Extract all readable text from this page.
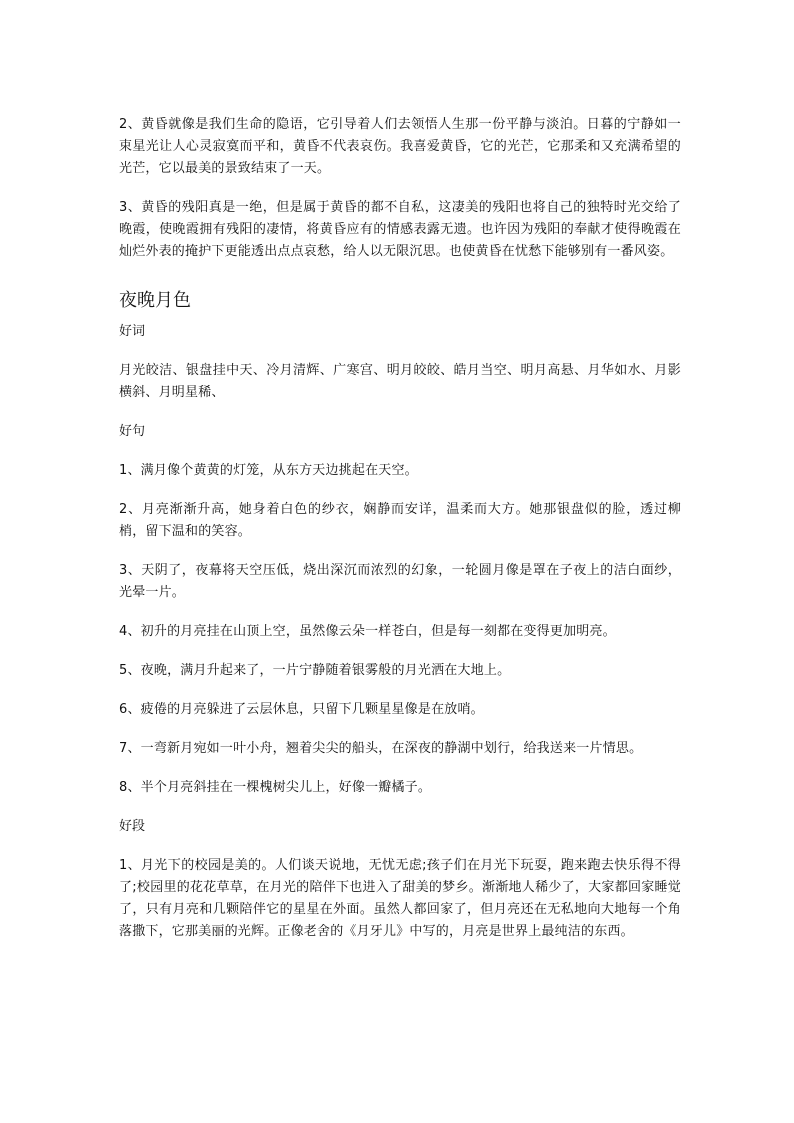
2、黄昏就像是我们生命的隐语，它引导着人们去领悟人生那一份平静与淡泊。日暮的宁静如一束星光让人心灵寂寞而平和，黄昏不代表哀伤。我喜爱黄昏，它的光芒，它那柔和又充满希望的光芒，它以最美的景致结束了一天。

3、黄昏的残阳真是一绝，但是属于黄昏的都不自私，这凄美的残阳也将自己的独特时光交给了晚霞，使晚霞拥有残阳的凄情，将黄昏应有的情感表露无遗。也许因为残阳的奉献才使得晚霞在灿烂外表的掩护下更能透出点点哀愁，给人以无限沉思。也使黄昏在忧愁下能够别有一番风姿。

夜晚月色

好词

月光皎洁、银盘挂中天、冷月清辉、广寒宫、明月皎皎、皓月当空、明月高悬、月华如水、月影横斜、月明星稀、

好句

1、满月像个黄黄的灯笼，从东方天边挑起在天空。

2、月亮渐渐升高，她身着白色的纱衣，娴静而安详，温柔而大方。她那银盘似的脸，透过柳梢，留下温和的笑容。

3、天阴了，夜幕将天空压低，烧出深沉而浓烈的幻象，一轮圆月像是罩在子夜上的洁白面纱，光晕一片。

4、初升的月亮挂在山顶上空，虽然像云朵一样苍白，但是每一刻都在变得更加明亮。

5、夜晚，满月升起来了，一片宁静随着银雾般的月光洒在大地上。

6、疲倦的月亮躲进了云层休息，只留下几颗星星像是在放哨。

7、一弯新月宛如一叶小舟，翘着尖尖的船头，在深夜的静湖中划行，给我送来一片情思。

8、半个月亮斜挂在一棵槐树尖儿上，好像一瓣橘子。

好段

1、月光下的校园是美的。人们谈天说地，无忧无虑;孩子们在月光下玩耍，跑来跑去快乐得不得了;校园里的花花草草，在月光的陪伴下也进入了甜美的梦乡。渐渐地人稀少了，大家都回家睡觉了，只有月亮和几颗陪伴它的星星在外面。虽然人都回家了，但月亮还在无私地向大地每一个角落撒下，它那美丽的光辉。正像老舍的《月牙儿》中写的，月亮是世界上最纯洁的东西。
